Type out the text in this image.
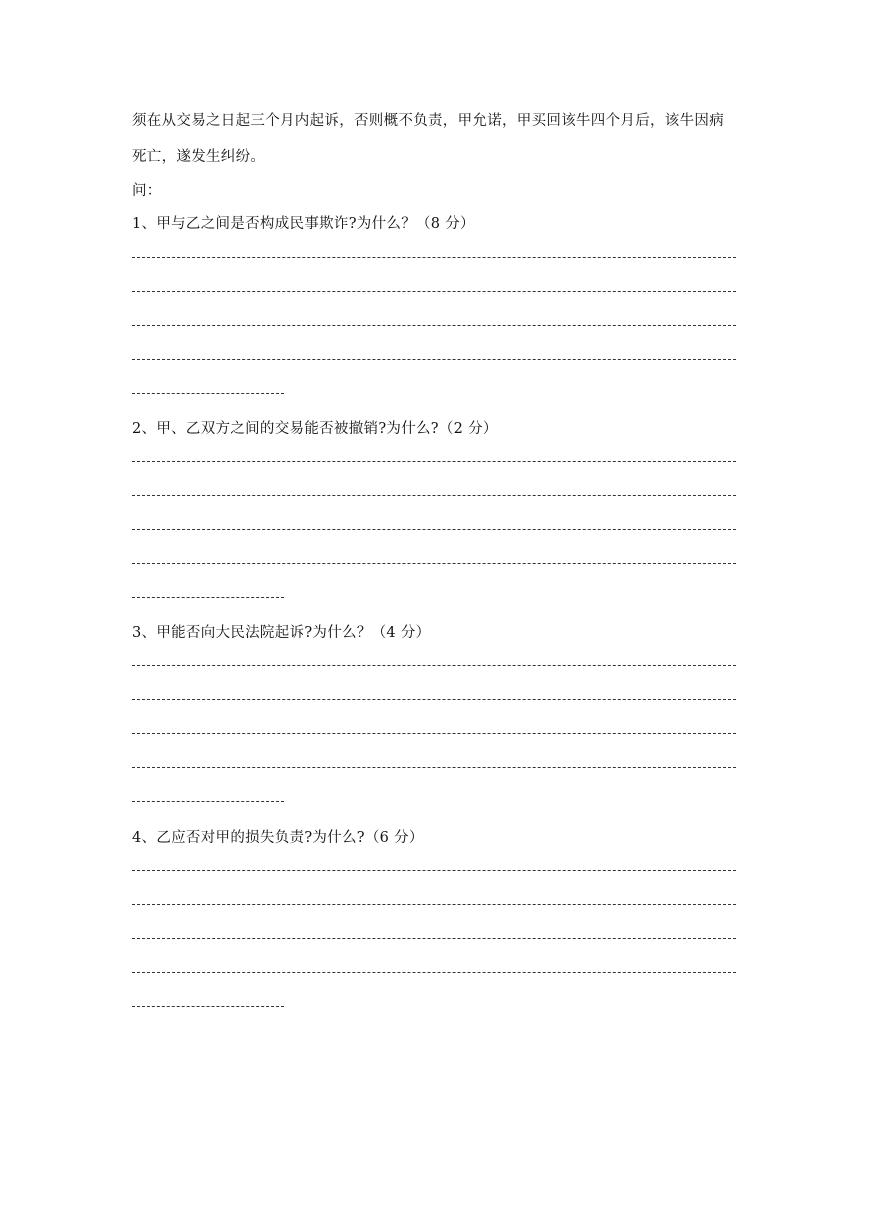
须在从交易之日起三个月内起诉，否则概不负责，甲允诺，甲买回该牛四个月后，该牛因病
死亡，遂发生纠纷。
问：
1、甲与乙之间是否构成民事欺诈?为什么？（8 分）
2、甲、乙双方之间的交易能否被撤销?为什么?（2 分）
3、甲能否向大民法院起诉?为什么？（4 分）
4、乙应否对甲的损失负责?为什么?（6 分）
